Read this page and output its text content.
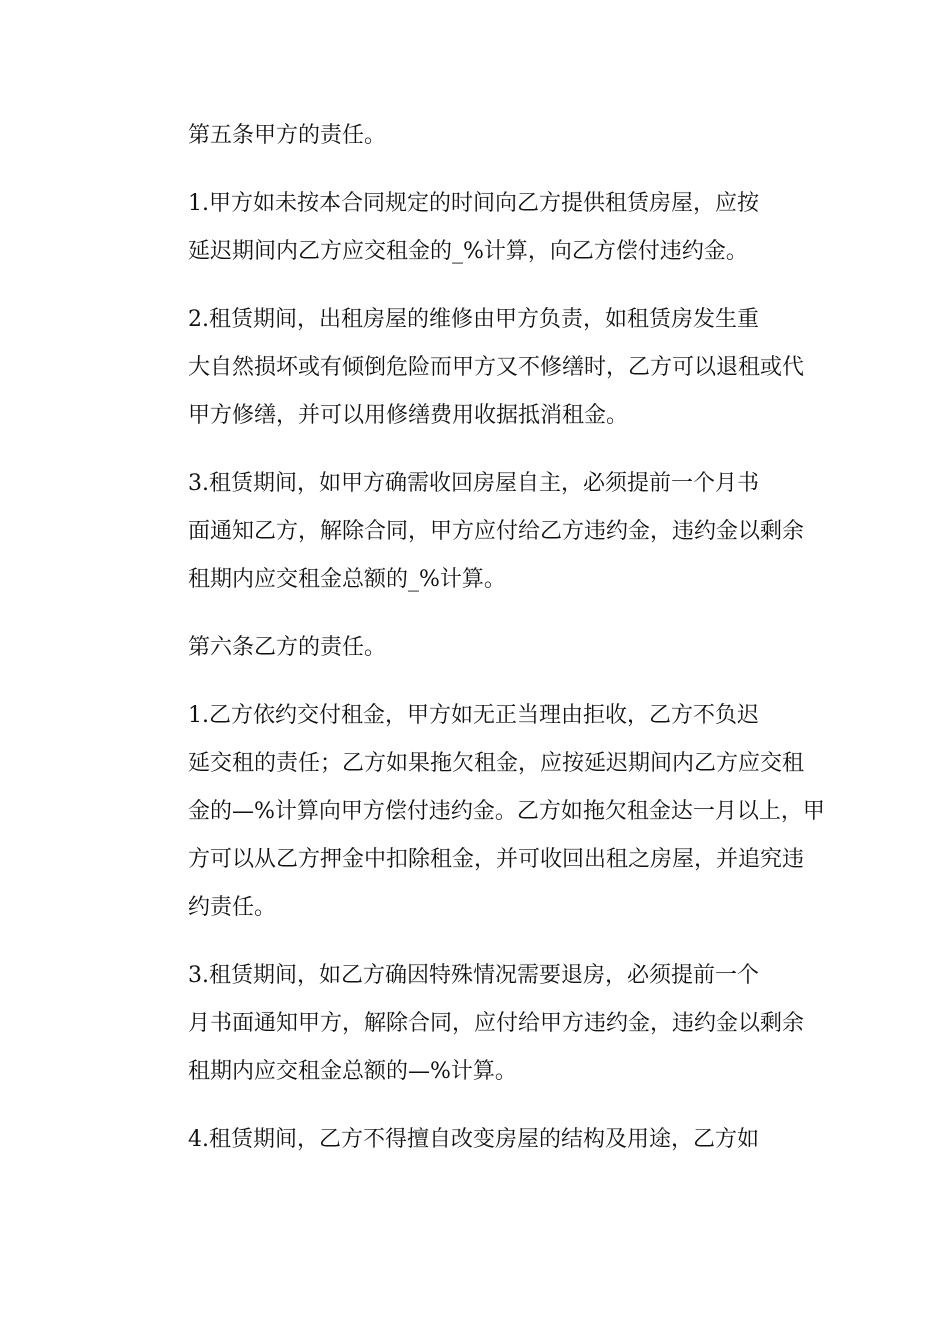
第五条甲方的责任。

1.甲方如未按本合同规定的时间向乙方提供租赁房屋，应按
延迟期间内乙方应交租金的_%计算，向乙方偿付违约金。

2.租赁期间，出租房屋的维修由甲方负责，如租赁房发生重
大自然损坏或有倾倒危险而甲方又不修缮时，乙方可以退租或代
甲方修缮，并可以用修缮费用收据抵消租金。

3.租赁期间，如甲方确需收回房屋自主，必须提前一个月书
面通知乙方，解除合同，甲方应付给乙方违约金，违约金以剩余
租期内应交租金总额的_%计算。

第六条乙方的责任。

1.乙方依约交付租金，甲方如无正当理由拒收，乙方不负迟
延交租的责任；乙方如果拖欠租金，应按延迟期间内乙方应交租
金的—%计算向甲方偿付违约金。乙方如拖欠租金达一月以上，甲
方可以从乙方押金中扣除租金，并可收回出租之房屋，并追究违
约责任。

3.租赁期间，如乙方确因特殊情况需要退房，必须提前一个
月书面通知甲方，解除合同，应付给甲方违约金，违约金以剩余
租期内应交租金总额的—%计算。

4.租赁期间，乙方不得擅自改变房屋的结构及用途，乙方如
